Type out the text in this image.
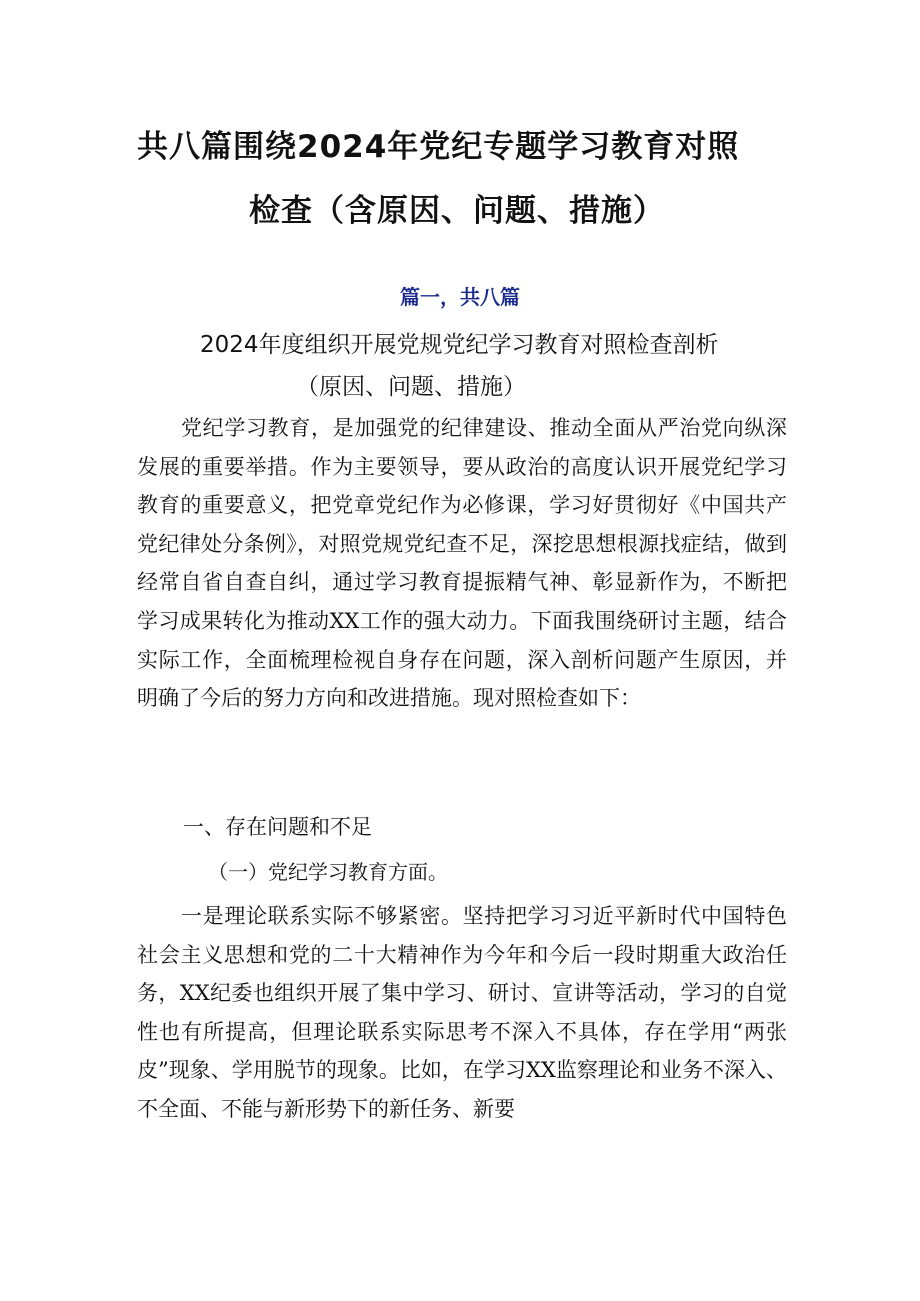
共八篇围绕2024年党纪专题学习教育对照
检查（含原因、问题、措施）
篇一，共八篇
2024年度组织开展党规党纪学习教育对照检查剖析
（原因、问题、措施）
党纪学习教育，是加强党的纪律建设、推动全面从严治党向纵深发展的重要举措。作为主要领导，要从政治的高度认识开展党纪学习教育的重要意义，把党章党纪作为必修课，学习好贯彻好《中国共产党纪律处分条例》，对照党规党纪查不足，深挖思想根源找症结，做到经常自省自查自纠，通过学习教育提振精气神、彰显新作为，不断把学习成果转化为推动XX工作的强大动力。下面我围绕研讨主题，结合实际工作，全面梳理检视自身存在问题，深入剖析问题产生原因，并明确了今后的努力方向和改进措施。现对照检查如下：
一、存在问题和不足
（一）党纪学习教育方面。
一是理论联系实际不够紧密。坚持把学习习近平新时代中国特色社会主义思想和党的二十大精神作为今年和今后一段时期重大政治任务，XX纪委也组织开展了集中学习、研讨、宣讲等活动，学习的自觉性也有所提高，但理论联系实际思考不深入不具体，存在学用“两张皮”现象、学用脱节的现象。比如，在学习XX监察理论和业务不深入、不全面、不能与新形势下的新任务、新要
